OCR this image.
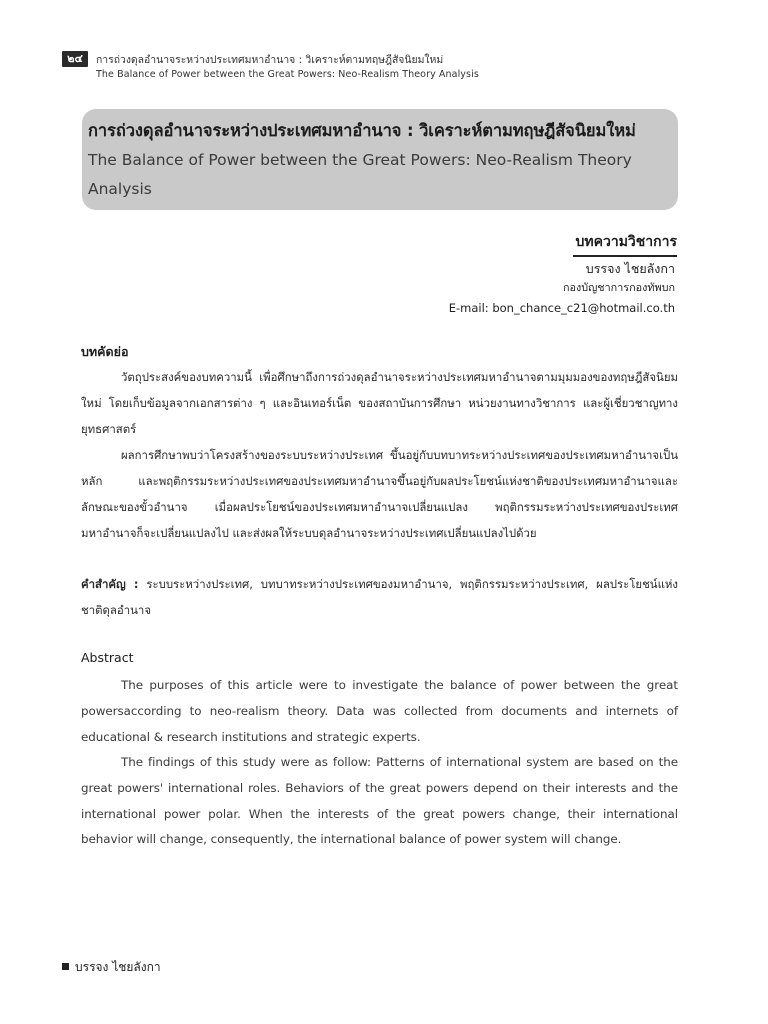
๒๔	การถ่วงดุลอำนาจระหว่างประเทศมหาอำนาจ : วิเคราะห์ตามทฤษฎีสัจนิยมใหม่
The Balance of Power between the Great Powers: Neo-Realism Theory Analysis
การถ่วงดุลอำนาจระหว่างประเทศมหาอำนาจ : วิเคราะห์ตามทฤษฎีสัจนิยมใหม่
The Balance of Power between the Great Powers: Neo-Realism Theory Analysis
บทความวิชาการ
บรรจง ไชยลังกา
กองบัญชาการกองทัพบก
E-mail: bon_chance_c21@hotmail.co.th
บทคัดย่อ
วัตถุประสงค์ของบทความนี้ เพื่อศึกษาถึงการถ่วงดุลอำนาจระหว่างประเทศมหาอำนาจตามมุมมองของทฤษฎีสัจนิยมใหม่ โดยเก็บข้อมูลจากเอกสารต่าง ๆ และอินเทอร์เน็ต ของสถาบันการศึกษา หน่วยงานทางวิชาการ และผู้เชี่ยวชาญทางยุทธศาสตร์
ผลการศึกษาพบว่าโครงสร้างของระบบระหว่างประเทศ ขึ้นอยู่กับบทบาทระหว่างประเทศของประเทศมหาอำนาจเป็นหลัก และพฤติกรรมระหว่างประเทศของประเทศมหาอำนาจขึ้นอยู่กับผลประโยชน์แห่งชาติของประเทศมหาอำนาจและลักษณะของขั้วอำนาจ เมื่อผลประโยชน์ของประเทศมหาอำนาจเปลี่ยนแปลง พฤติกรรมระหว่างประเทศของประเทศมหาอำนาจก็จะเปลี่ยนแปลงไป และส่งผลให้ระบบดุลอำนาจระหว่างประเทศเปลี่ยนแปลงไปด้วย
คำสำคัญ : ระบบระหว่างประเทศ, บทบาทระหว่างประเทศของมหาอำนาจ, พฤติกรรมระหว่างประเทศ, ผลประโยชน์แห่งชาติดุลอำนาจ
Abstract
The purposes of this article were to investigate the balance of power between the great powersaccording to neo-realism theory. Data was collected from documents and internets of educational & research institutions and strategic experts.
The findings of this study were as follow: Patterns of international system are based on the great powers' international roles. Behaviors of the great powers depend on their interests and the international power polar. When the interests of the great powers change, their international behavior will change, consequently, the international balance of power system will change.
บรรจง ไชยลังกา
